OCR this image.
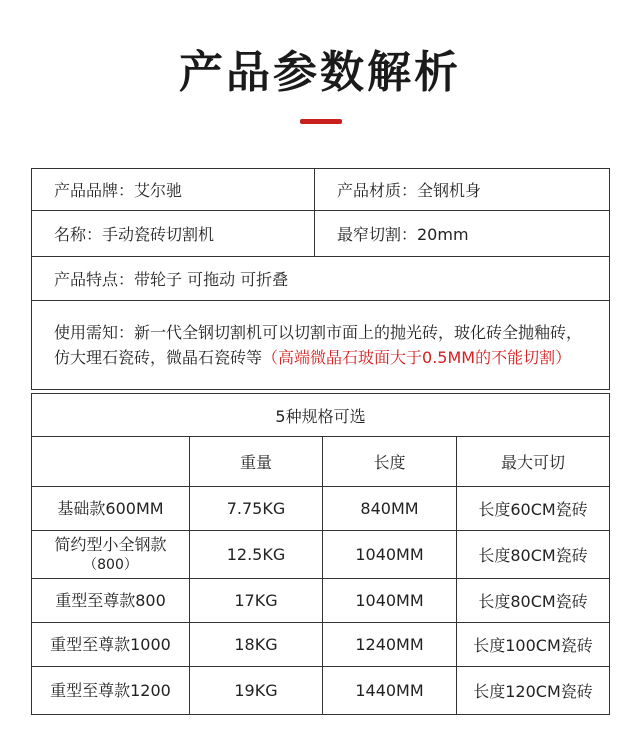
产品参数解析
产品品牌：艾尔驰	产品材质：全钢机身
名称：手动瓷砖切割机	最窄切割：20mm
产品特点：带轮子 可拖动 可折叠	
使用需知：新一代全钢切割机可以切割市面上的抛光砖，玻化砖全抛釉砖，仿大理石瓷砖，微晶石瓷砖等（高端微晶石玻面大于0.5MM的不能切割）	
5种规格可选			
	重量	长度	最大可切
基础款600MM	7.75KG	840MM	长度60CM瓷砖

简约型小全钢款
（800）	12.5KG	1040MM	长度80CM瓷砖
重型至尊款800	17KG	1040MM	长度80CM瓷砖
重型至尊款1000	18KG	1240MM	长度100CM瓷砖
重型至尊款1200	19KG	1440MM	长度120CM瓷砖
